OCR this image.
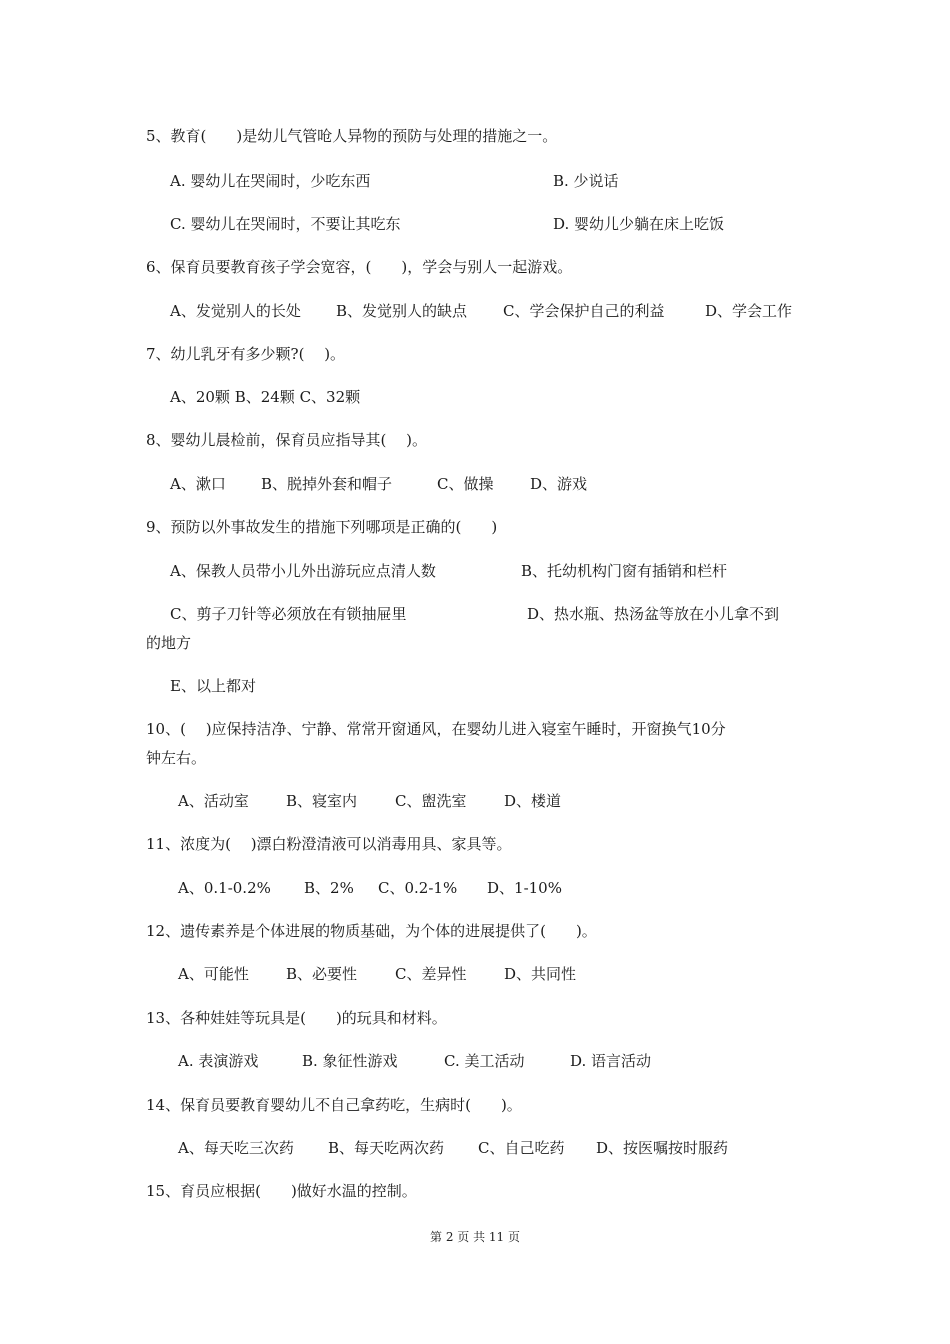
5、教育(　　)是幼儿气管呛人异物的预防与处理的措施之一。
A. 婴幼儿在哭闹时，少吃东西	B. 少说话
C. 婴幼儿在哭闹时，不要让其吃东	D. 婴幼儿少躺在床上吃饭
6、保育员要教育孩子学会宽容，(　　)，学会与别人一起游戏。
A、发觉别人的长处 B、发觉别人的缺点 C、学会保护自己的利益	D、学会工作
7、幼儿乳牙有多少颗?(　 )。
A、20颗 B、24颗 C、32颗
8、婴幼儿晨检前，保育员应指导其(　 )。
A、漱口 B、脱掉外套和帽子	C、做操 D、游戏
9、预防以外事故发生的措施下列哪项是正确的(　　)
A、保教人员带小儿外出游玩应点清人数	B、托幼机构门窗有插销和栏杆
C、剪子刀针等必须放在有锁抽屉里	D、热水瓶、热汤盆等放在小儿拿不到
的地方
E、以上都对
10、(　 )应保持洁净、宁静、常常开窗通风，在婴幼儿进入寝室午睡时，开窗换气10分
钟左右。
A、活动室 B、寝室内	C、盥洗室	D、楼道
11、浓度为(　 )漂白粉澄清液可以消毒用具、家具等。
A、0.1-0.2% B、2% C、0.2-1% D、1-10%
12、遗传素养是个体进展的物质基础，为个体的进展提供了(　　)。
A、可能性 B、必要性	C、差异性	D、共同性
13、各种娃娃等玩具是(　　)的玩具和材料。
A. 表演游戏	B. 象征性游戏	C. 美工活动	D. 语言活动
14、保育员要教育婴幼儿不自己拿药吃，生病时(　　)。
A、每天吃三次药 B、每天吃两次药 C、自己吃药 D、按医嘱按时服药
15、育员应根据(　　)做好水温的控制。
第 2 页 共 11 页
